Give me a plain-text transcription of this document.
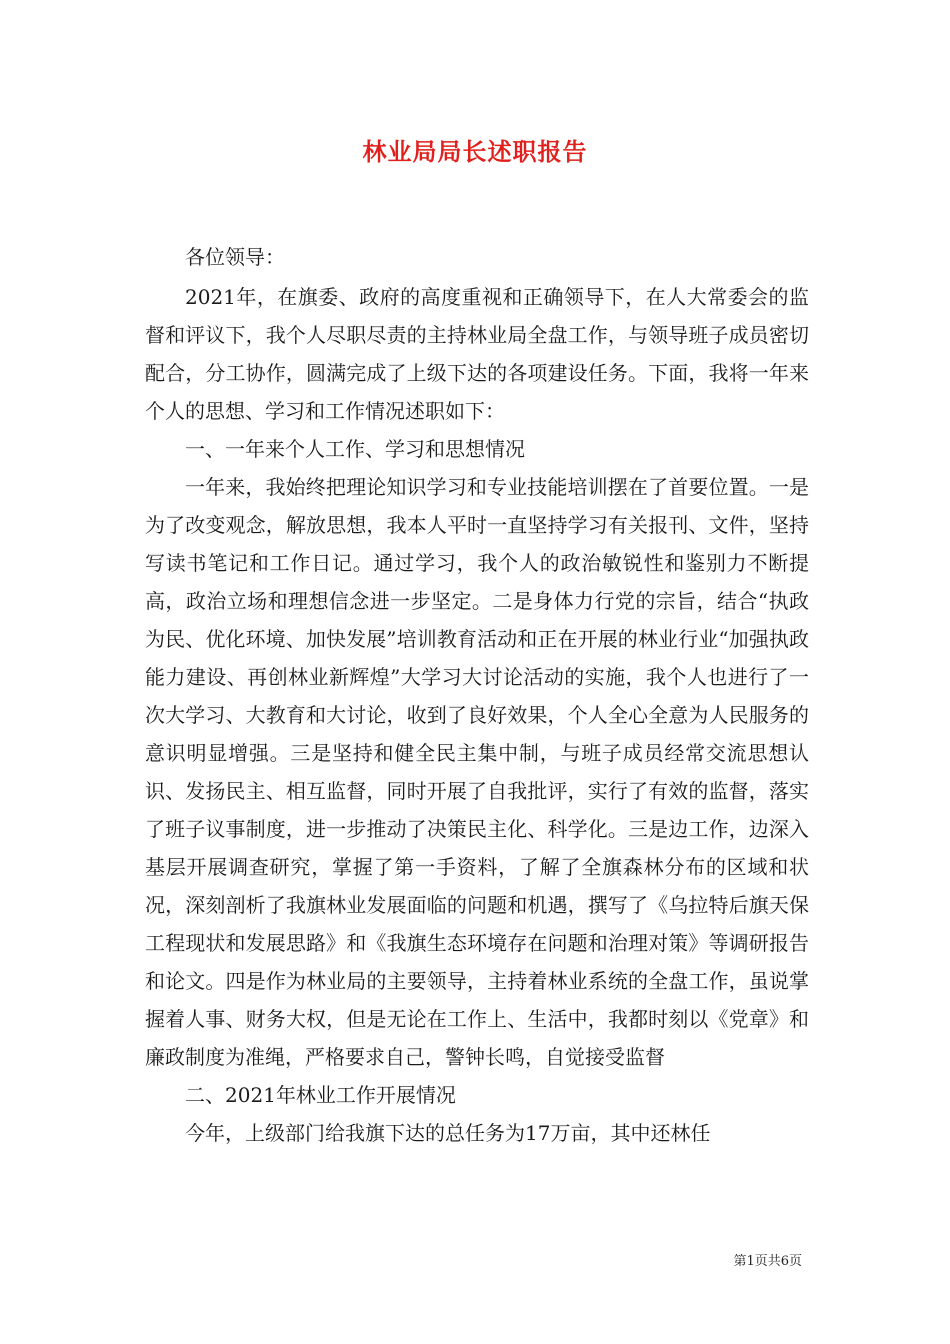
林业局局长述职报告

各位领导：

2021年，在旗委、政府的高度重视和正确领导下，在人大常委会的监督和评议下，我个人尽职尽责的主持林业局全盘工作，与领导班子成员密切配合，分工协作，圆满完成了上级下达的各项建设任务。下面，我将一年来个人的思想、学习和工作情况述职如下：

一、一年来个人工作、学习和思想情况

一年来，我始终把理论知识学习和专业技能培训摆在了首要位置。一是为了改变观念，解放思想，我本人平时一直坚持学习有关报刊、文件，坚持写读书笔记和工作日记。通过学习，我个人的政治敏锐性和鉴别力不断提高，政治立场和理想信念进一步坚定。二是身体力行党的宗旨，结合“执政为民、优化环境、加快发展”培训教育活动和正在开展的林业行业“加强执政能力建设、再创林业新辉煌”大学习大讨论活动的实施，我个人也进行了一次大学习、大教育和大讨论，收到了良好效果，个人全心全意为人民服务的意识明显增强。三是坚持和健全民主集中制，与班子成员经常交流思想认识、发扬民主、相互监督，同时开展了自我批评，实行了有效的监督，落实了班子议事制度，进一步推动了决策民主化、科学化。三是边工作，边深入基层开展调查研究，掌握了第一手资料，了解了全旗森林分布的区域和状况，深刻剖析了我旗林业发展面临的问题和机遇，撰写了《乌拉特后旗天保工程现状和发展思路》和《我旗生态环境存在问题和治理对策》等调研报告和论文。四是作为林业局的主要领导，主持着林业系统的全盘工作，虽说掌握着人事、财务大权，但是无论在工作上、生活中，我都时刻以《党章》和廉政制度为准绳，严格要求自己，警钟长鸣，自觉接受监督

二、2021年林业工作开展情况

今年，上级部门给我旗下达的总任务为17万亩，其中还林任

第1页共6页
